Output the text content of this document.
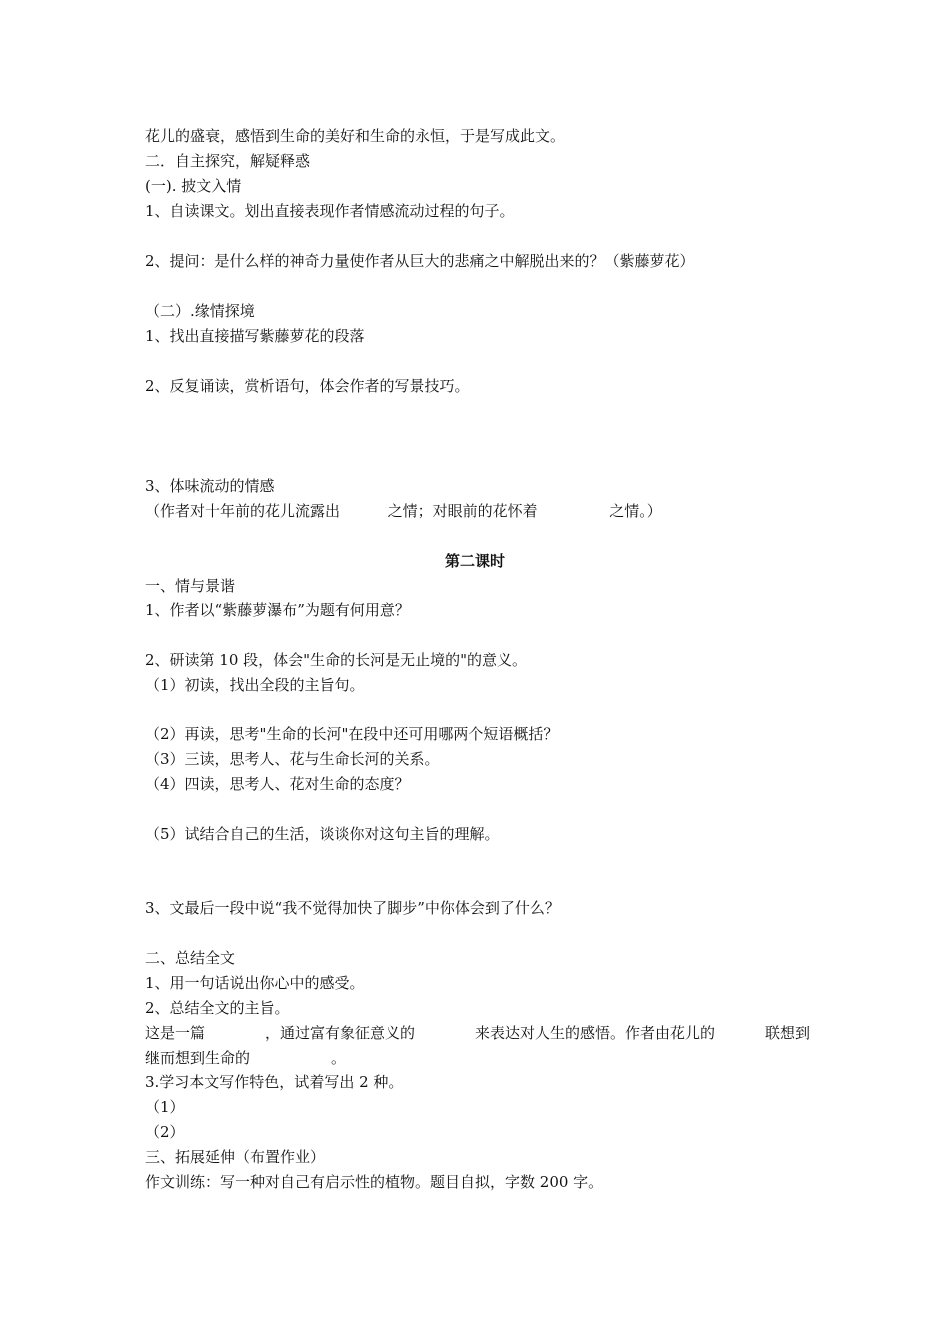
花儿的盛衰，感悟到生命的美好和生命的永恒，于是写成此文。
二．自主探究，解疑释惑
(一). 披文入情
1、自读课文。划出直接表现作者情感流动过程的句子。
2、提问：是什么样的神奇力量使作者从巨大的悲痛之中解脱出来的？（紫藤萝花）
（二）.缘情探境
1、找出直接描写紫藤萝花的段落
2、反复诵读，赏析语句，体会作者的写景技巧。
3、体味流动的情感
（作者对十年前的花儿流露出          之情；对眼前的花怀着               之情。）
第二课时
一、情与景谐
1、作者以“紫藤萝瀑布”为题有何用意？
2、研读第 10 段，体会"生命的长河是无止境的"的意义。
（1）初读，找出全段的主旨句。
（2）再读，思考"生命的长河"在段中还可用哪两个短语概括？
（3）三读，思考人、花与生命长河的关系。
（4）四读，思考人、花对生命的态度？
（5）试结合自己的生活，谈谈你对这句主旨的理解。
3、文最后一段中说“我不觉得加快了脚步”中你体会到了什么？
二、总结全文
1、用一句话说出你心中的感受。
2、总结全文的主旨。
这是一篇	，通过富有象征意义的	来表达对人生的感悟。作者由花儿的	联想到
继而想到生命的                 。
3.学习本文写作特色，试着写出 2 种。
（1）
（2）
三、拓展延伸（布置作业）
作文训练：写一种对自己有启示性的植物。题目自拟，字数 200 字。
